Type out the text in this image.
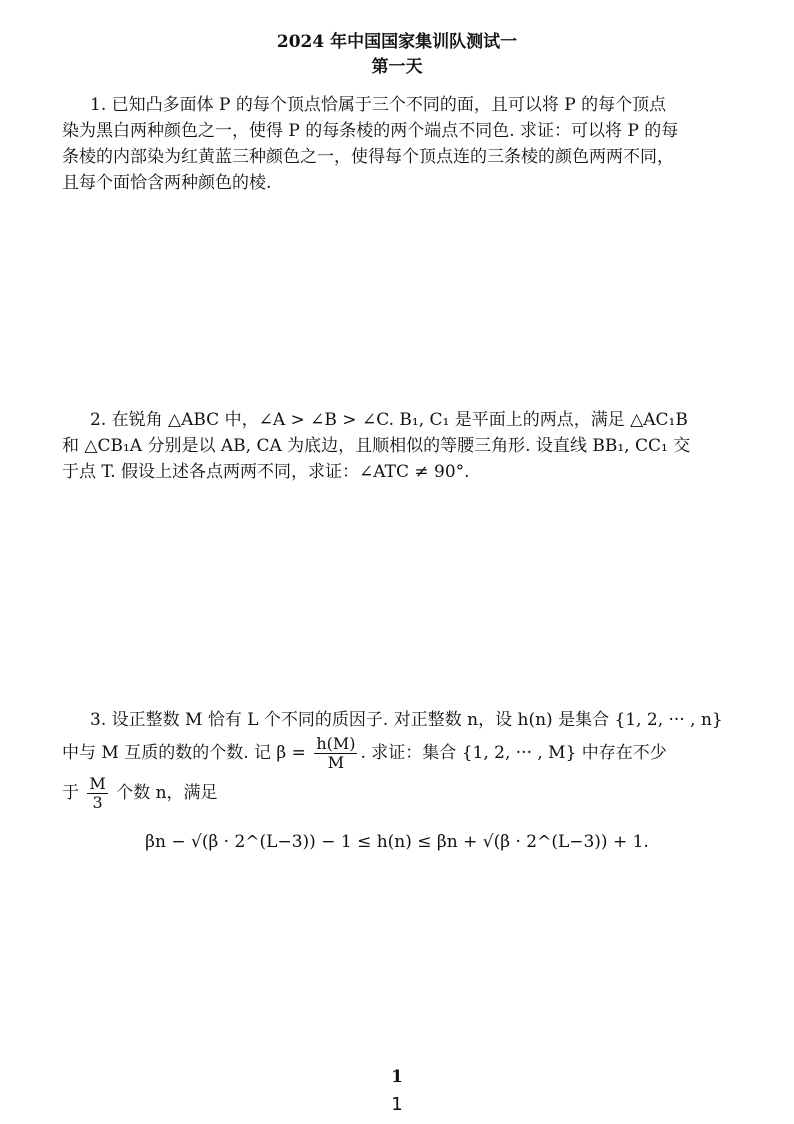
2024 年中国国家集训队测试一
第一天
1. 已知凸多面体 P 的每个顶点恰属于三个不同的面，且可以将 P 的每个顶点
染为黑白两种颜色之一，使得 P 的每条棱的两个端点不同色. 求证：可以将 P 的每
条棱的内部染为红黄蓝三种颜色之一，使得每个顶点连的三条棱的颜色两两不同，
且每个面恰含两种颜色的棱.
2. 在锐角 △ABC 中，∠A > ∠B > ∠C. B₁, C₁ 是平面上的两点，满足 △AC₁B
和 △CB₁A 分别是以 AB, CA 为底边，且顺相似的等腰三角形. 设直线 BB₁, CC₁ 交
于点 T. 假设上述各点两两不同，求证：∠ATC ≠ 90°.
3. 设正整数 M 恰有 L 个不同的质因子. 对正整数 n，设 h(n) 是集合 {1, 2, ··· , n}
中与 M 互质的数的个数. 记 $\beta = \frac{h(M)}{M}$ . 求证：集合 {1, 2, ··· , M} 中存在不少
于 $\frac{M}{3}$ 个数 n，满足
βn − √(β · 2^(L−3)) − 1 ≤ h(n) ≤ βn + √(β · 2^(L−3)) + 1.
1
1
